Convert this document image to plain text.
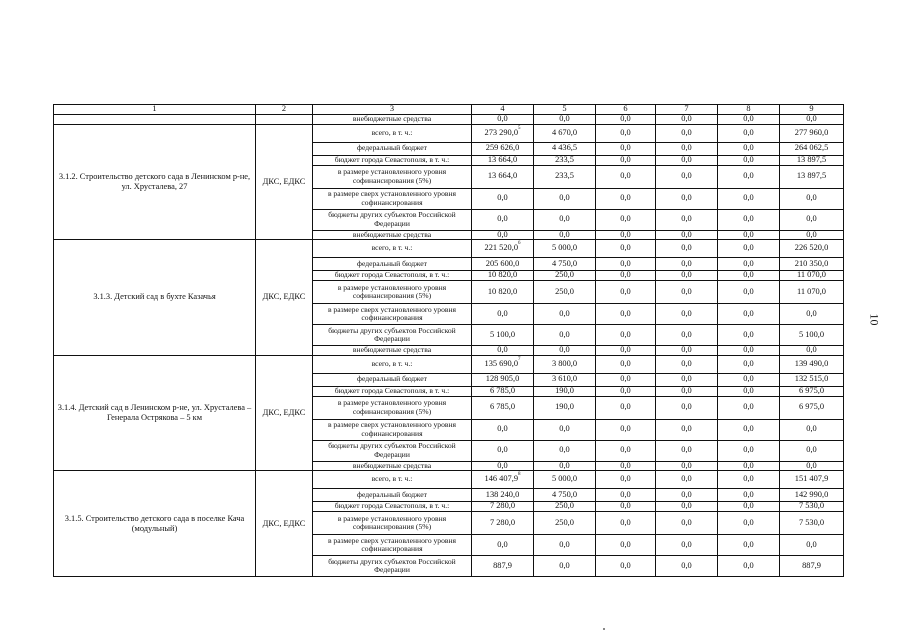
1	2	3	4	5	6	7	8	9
		внебюджетные средства	0,0	0,0	0,0	0,0	0,0	0,0
3.1.2. Строительство детского сада в Ленинском р-не, ул. Хрусталева, 27	ДКС, ЕДКС	всего, в т. ч.:	273 290,0$^5$	4 670,0	0,0	0,0	0,0	277 960,0
		федеральный бюджет	259 626,0	4 436,5	0,0	0,0	0,0	264 062,5
		бюджет города Севастополя, в т. ч.:	13 664,0	233,5	0,0	0,0	0,0	13 897,5
		в размере установленного уровня софинансирования (5%)	13 664,0	233,5	0,0	0,0	0,0	13 897,5
		в размере сверх установленного уровня софинансирования	0,0	0,0	0,0	0,0	0,0	0,0
		бюджеты других субъектов Российской Федерации	0,0	0,0	0,0	0,0	0,0	0,0
		внебюджетные средства	0,0	0,0	0,0	0,0	0,0	0,0
3.1.3. Детский сад в бухте Казачья	ДКС, ЕДКС	всего, в т. ч.:	221 520,0$^6$	5 000,0	0,0	0,0	0,0	226 520,0
		федеральный бюджет	205 600,0	4 750,0	0,0	0,0	0,0	210 350,0
		бюджет города Севастополя, в т. ч.:	10 820,0	250,0	0,0	0,0	0,0	11 070,0
		в размере установленного уровня софинансирования (5%)	10 820,0	250,0	0,0	0,0	0,0	11 070,0
		в размере сверх установленного уровня софинансирования	0,0	0,0	0,0	0,0	0,0	0,0
		бюджеты других субъектов Российской Федерации	5 100,0	0,0	0,0	0,0	0,0	5 100,0
		внебюджетные средства	0,0	0,0	0,0	0,0	0,0	0,0
3.1.4. Детский сад в Ленинском р-не, ул. Хрусталева – Генерала Острякова – 5 км	ДКС, ЕДКС	всего, в т. ч.:	135 690,0$^7$	3 800,0	0,0	0,0	0,0	139 490,0
		федеральный бюджет	128 905,0	3 610,0	0,0	0,0	0,0	132 515,0
		бюджет города Севастополя, в т. ч.:	6 785,0	190,0	0,0	0,0	0,0	6 975,0
		в размере установленного уровня софинансирования (5%)	6 785,0	190,0	0,0	0,0	0,0	6 975,0
		в размере сверх установленного уровня софинансирования	0,0	0,0	0,0	0,0	0,0	0,0
		бюджеты других субъектов Российской Федерации	0,0	0,0	0,0	0,0	0,0	0,0
		внебюджетные средства	0,0	0,0	0,0	0,0	0,0	0,0
3.1.5. Строительство детского сада в поселке Кача (модульный)	ДКС, ЕДКС	всего, в т. ч.:	146 407,9$^8$	5 000,0	0,0	0,0	0,0	151 407,9
		федеральный бюджет	138 240,0	4 750,0	0,0	0,0	0,0	142 990,0
		бюджет города Севастополя, в т. ч.:	7 280,0	250,0	0,0	0,0	0,0	7 530,0
		в размере установленного уровня софинансирования (5%)	7 280,0	250,0	0,0	0,0	0,0	7 530,0
		в размере сверх установленного уровня софинансирования	0,0	0,0	0,0	0,0	0,0	0,0
		бюджеты других субъектов Российской Федерации	887,9	0,0	0,0	0,0	0,0	887,9
10
